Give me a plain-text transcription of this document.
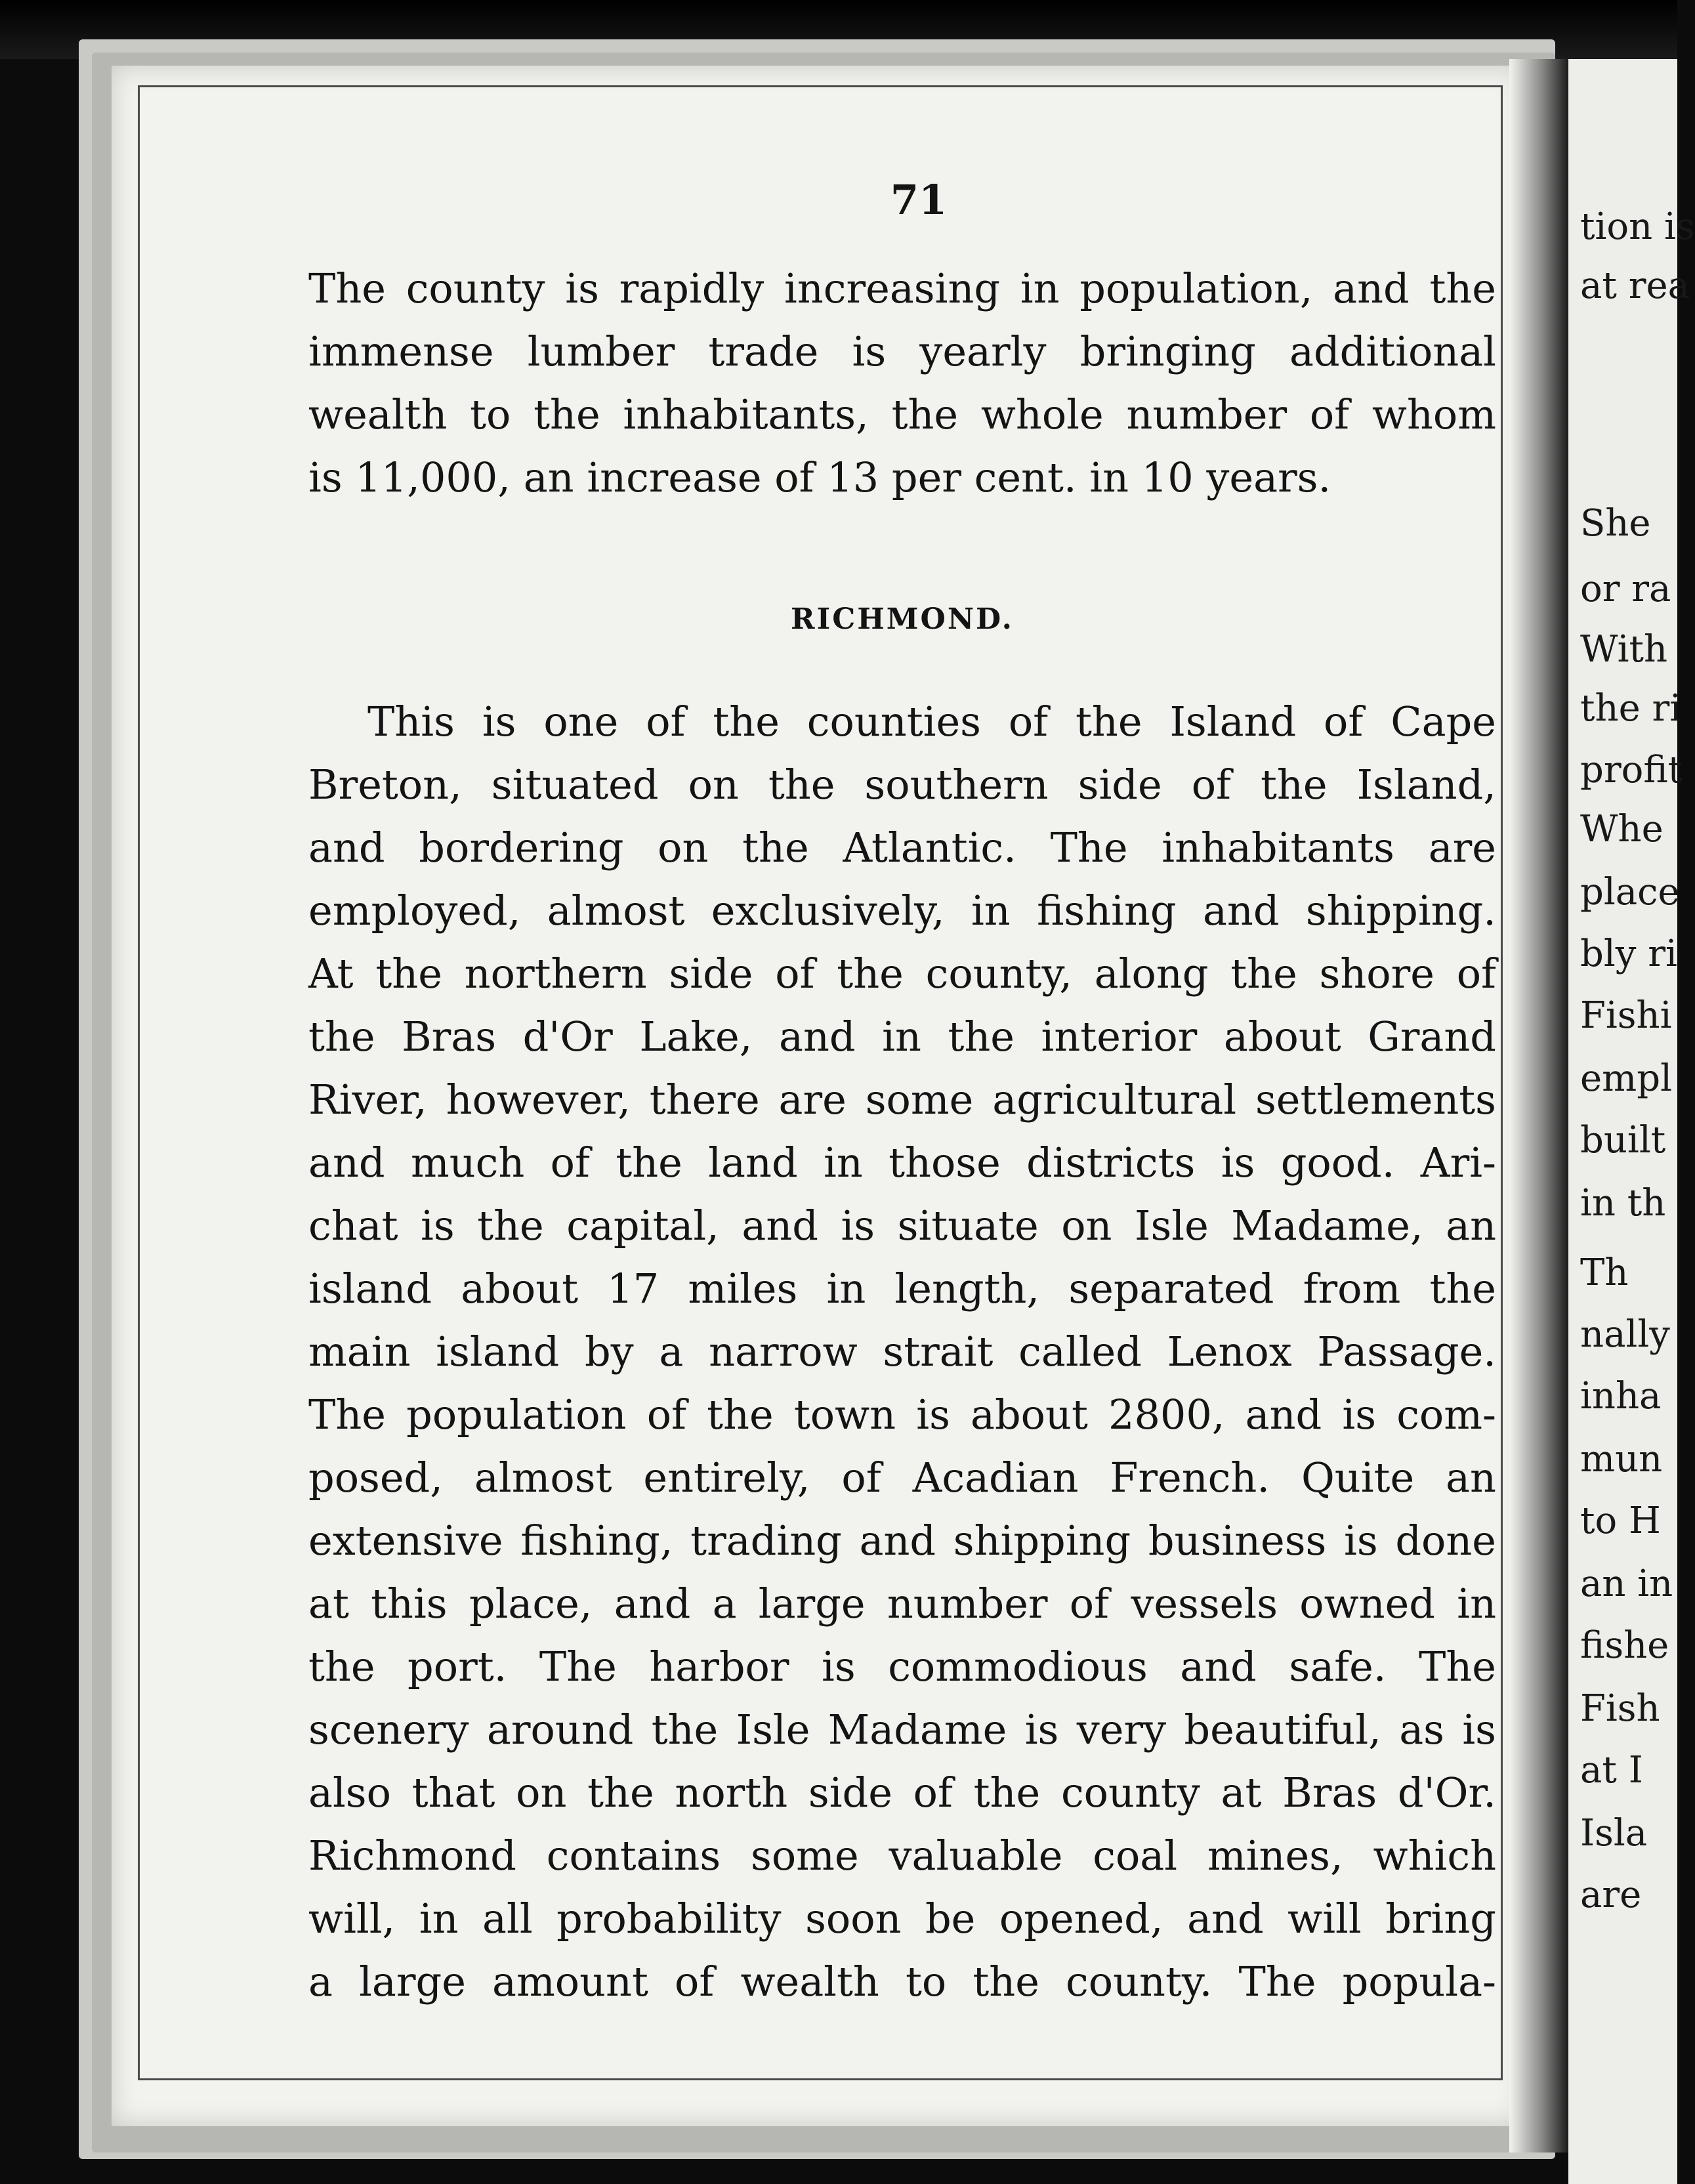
71
The county is rapidly increasing in population, and the
immense lumber trade is yearly bringing additional
wealth to the inhabitants, the whole number of whom
is 11,000, an increase of 13 per cent. in 10 years.
RICHMOND.
This is one of the counties of the Island of Cape
Breton, situated on the southern side of the Island,
and bordering on the Atlantic. The inhabitants are
employed, almost exclusively, in fishing and shipping.
At the northern side of the county, along the shore of
the Bras d'Or Lake, and in the interior about Grand
River, however, there are some agricultural settlements
and much of the land in those districts is good. Ari-
chat is the capital, and is situate on Isle Madame, an
island about 17 miles in length, separated from the
main island by a narrow strait called Lenox Passage.
The population of the town is about 2800, and is com-
posed, almost entirely, of Acadian French. Quite an
extensive fishing, trading and shipping business is done
at this place, and a large number of vessels owned in
the port. The harbor is commodious and safe. The
scenery around the Isle Madame is very beautiful, as is
also that on the north side of the county at Bras d'Or.
Richmond contains some valuable coal mines, which
will, in all probability soon be opened, and will bring
a large amount of wealth to the county. The popula-
tion is
at rea
She
or ra
With
the ri
profit
Whe
place
bly ri
Fishi
empl
built
in th
Th
nally
inha
mun
to H
an in
fishe
Fish
at I
Isla
are
